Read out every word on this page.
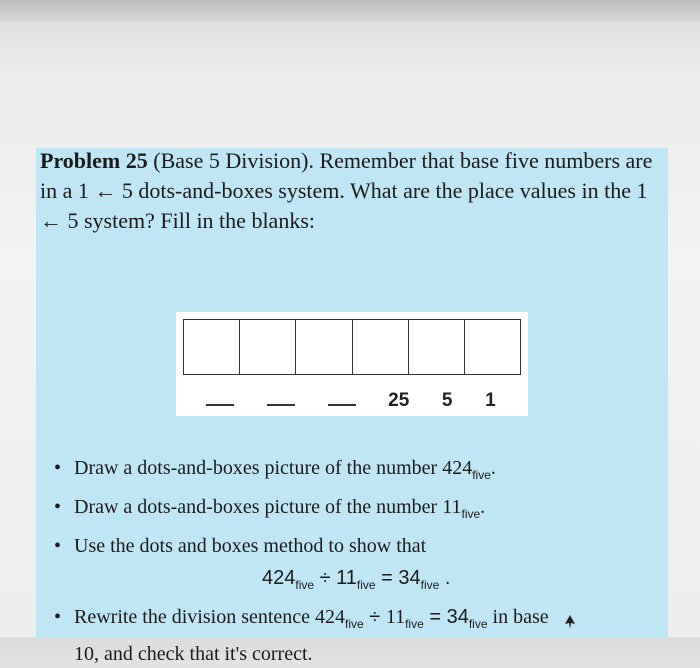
Problem 25 (Base 5 Division). Remember that base five numbers are in a 1 ← 5 dots-and-boxes system. What are the place values in the 1 ← 5 system? Fill in the blanks:
25 5 1
• Draw a dots-and-boxes picture of the number $424_{five}$.
• Draw a dots-and-boxes picture of the number $11_{five}$.
• Use the dots and boxes method to show that
$424_{five} \div 11_{five} = 34_{five}$ .
• Rewrite the division sentence $424_{five} \div 11_{five} = 34_{five}$ in base
10, and check that it's correct.
